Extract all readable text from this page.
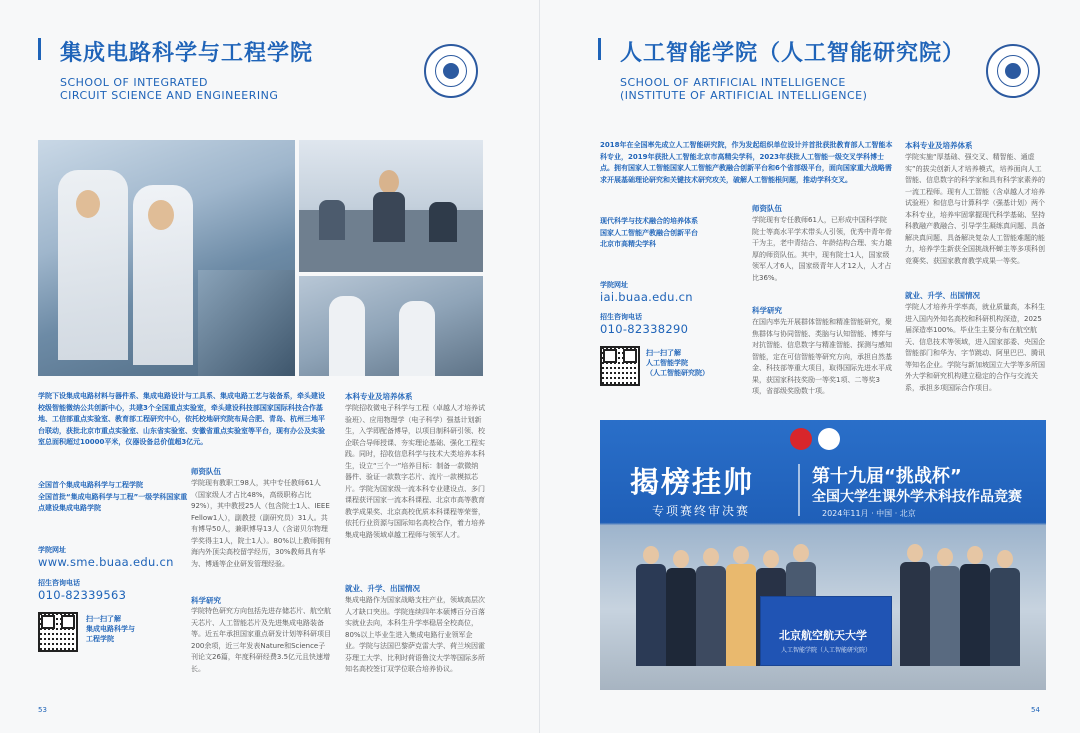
集成电路科学与工程学院
SCHOOL OF INTEGRATED
CIRCUIT SCIENCE AND ENGINEERING

学院下设集成电路材料与器件系、集成电路设计与工具系、集成电路工艺与装备系，牵头建设校级智能微纳公共创新中心，共建3个全国重点实验室，牵头建设科技部国家国际科技合作基地、工信部重点实验室、教育部工程研究中心，依托校地研究院布局合肥、青岛、杭州三地平台联动，获批北京市重点实验室、山东省实验室、安徽省重点实验室等平台，现有办公及实验室总面积超过10000平米，仪器设备总价值超3亿元。

全国首个集成电路科学与工程学院
全国首批“集成电路科学与工程”一级学科国家重点建设集成电路学院
学院网址
www.sme.buaa.edu.cn
招生咨询电话
010-82339563
扫一扫了解
集成电路科学与
工程学院
师资队伍
学院现有教职工98人，其中专任教师61人（国家级人才占比48%，高级职称占比92%），其中教授25人（包含院士1人、IEEE Fellow1人），副教授（副研究员）31人。共有博导50人，兼职博导13人（含诺贝尔物理学奖得主1人，院士1人）。80%以上教师拥有海内外顶尖高校留学经历，30%教师具有华为、博通等企业研发管理经验。
科学研究
学院特色研究方向包括先进存储芯片、航空航天芯片、人工智能芯片及先进集成电路装备等。近五年承担国家重点研发计划等科研项目200余项，近三年发表Nature和Science子刊论文26篇，年度科研经费3.5亿元且快速增长。
本科专业及培养体系
学院招收微电子科学与工程（卓越人才培养试验班）、应用物理学（电子科学）强基计划新生，入学即配备博导，以项目制科研引领、校企联合导师授课、夯实理论基础、强化工程实践。同时，招收信息科学与技术大类培养本科生，设立“三个一”培养目标：制备一款微纳器件、验证一款数字芯片、流片一款模拟芯片。学院为国家级一流本科专业建设点、多门课程获评国家一流本科课程、北京市高等教育教学成果奖、北京高校优质本科课程等荣誉，依托行业资源与国际知名高校合作，着力培养集成电路领域卓越工程师与领军人才。
就业、升学、出国情况
集成电路作为国家战略支柱产业，领域高层次人才缺口突出。学院连续四年本硕博百分百落实就业去向，本科生升学率稳居全校高位，80%以上毕业生进入集成电路行业领军企业。学院与法国巴黎萨克雷大学、荷兰埃因霍芬理工大学、比利时荷语鲁汶大学等国际多所知名高校签订双学位联合培养协议。
53
人工智能学院（人工智能研究院）
SCHOOL OF ARTIFICIAL INTELLIGENCE
(INSTITUTE OF ARTIFICIAL INTELLIGENCE)

2018年在全国率先成立人工智能研究院，作为发起组织单位设计并首批获批教育部人工智能本科专业，2019年获批人工智能北京市高精尖学科，2023年获批人工智能一级交叉学科博士点。拥有国家人工智能国家人工智能产教融合创新平台和6个省部级平台，面向国家重大战略需求开展基础理论研究和关键技术研究攻关，破解人工智能根问题，推动学科交叉。

现代科学与技术融合的培养体系
国家人工智能产教融合创新平台
北京市高精尖学科
学院网址
iai.buaa.edu.cn
招生咨询电话
010-82338290
扫一扫了解
人工智能学院
（人工智能研究院）
师资队伍
学院现有专任教师61人，已形成中国科学院院士等高水平学术带头人引领，优秀中青年骨干为主，老中青结合、年龄结构合理、实力雄厚的师资队伍。其中，现有院士1人，国家级领军人才6人，国家级青年人才12人，人才占比36%。
科学研究
在国内率先开展群体智能和精准智能研究，聚焦群体与协同智能、类脑与认知智能、博弈与对抗智能、信息数字与精准智能、探测与感知智能，定在可信智能等研究方向，承担自然基金、科技部等重大项目，取得国际先进水平成果，获国家科技奖励一等奖1项、二等奖3项，省部级奖励数十项。
本科专业及培养体系
学院实施“厚基础、强交叉、精智能、通虚实”的拔尖创新人才培养模式，培养面向人工智能、信息数字的科学家和具有科学家素养的一流工程师。现有人工智能（含卓越人才培养试验班）和信息与计算科学（强基计划）两个本科专业，培养牢固掌握现代科学基础、坚持科教融产教融合、引导学生凝练真问题、具备解决真问题、具备解决复杂人工智能难题的能力，培养学生新获全国挑战杯蝉主等多项科创竞赛奖、获国家教育教学成果一等奖。
就业、升学、出国情况
学院人才培养升学率高，就业质量高，本科生进入国内外知名高校和科研机构深造，2025届深造率100%。毕业生主要分布在航空航天、信息技术等领域，进入国家部委、央国企智能部门和华为、字节跳动、阿里巴巴、腾讯等知名企业。学院与新加坡国立大学等多所国外大学和研究机构建立稳定的合作与交流关系，承担多项国际合作项目。
揭榜挂帅
专项赛终审决赛
第十九届“挑战杯”
全国大学生课外学术科技作品竞赛
2024年11月 · 中国 · 北京
北京航空航天大学
人工智能学院（人工智能研究院）
54
